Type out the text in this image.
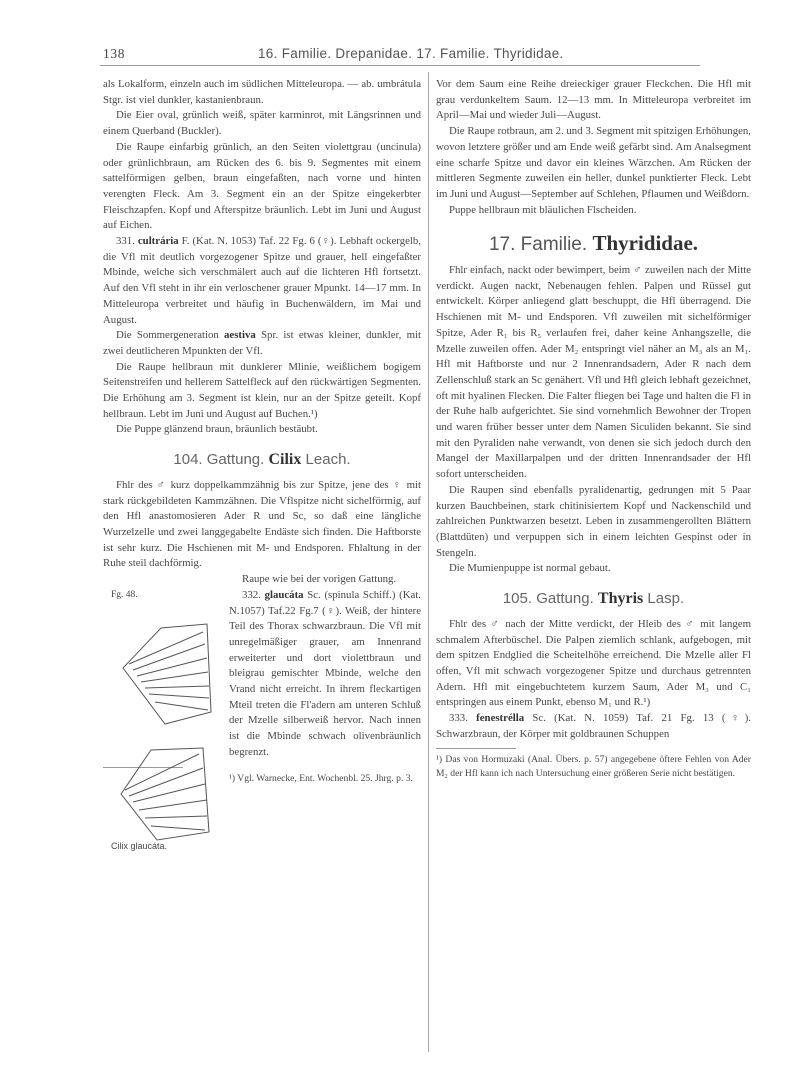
138	16. Familie. Drepanidae. 17. Familie. Thyrididae.

als Lokalform, einzeln auch im südlichen Mitteleuropa. — ab. umbrátula Stgr. ist viel dunkler, kastanienbraun.

Die Eier oval, grünlich weiß, später karminrot, mit Längsrinnen und einem Querband (Buckler).

Die Raupe einfarbig grünlich, an den Seiten violettgrau (uncinula) oder grünlichbraun, am Rücken des 6. bis 9. Segmentes mit einem sattelförmigen gelben, braun eingefaßten, nach vorne und hinten verengten Fleck. Am 3. Segment ein an der Spitze eingekerbter Fleischzapfen. Kopf und Afterspitze bräunlich. Lebt im Juni und August auf Eichen.

331. cultrária F. (Kat. N. 1053) Taf. 22 Fg. 6 (♀). Lebhaft ockergelb, die Vfl mit deutlich vorgezogener Spitze und grauer, hell eingefaßter Mbinde, welche sich verschmälert auch auf die lichteren Hfl fortsetzt. Auf den Vfl steht in ihr ein verloschener grauer Mpunkt. 14—17 mm. In Mitteleuropa verbreitet und häufig in Buchenwäldern, im Mai und August.

Die Sommergeneration aestiva Spr. ist etwas kleiner, dunkler, mit zwei deutlicheren Mpunkten der Vfl.

Die Raupe hellbraun mit dunklerer Mlinie, weißlichem bogigem Seitenstreifen und hellerem Sattelfleck auf den rückwärtigen Segmenten. Die Erhöhung am 3. Segment ist klein, nur an der Spitze geteilt. Kopf hellbraun. Lebt im Juni und August auf Buchen.¹)

Die Puppe glänzend braun, bräunlich bestäubt.

104. Gattung. Cilix Leach.

Fhlr des ♂ kurz doppelkammzähnig bis zur Spitze, jene des ♀ mit stark rückgebildeten Kammzähnen. Die Vflspitze nicht sichelförmig, auf den Hfl anastomosieren Ader R und Sc, so daß eine längliche Wurzelzelle und zwei langgegabelte Endäste sich finden. Die Haftborste ist sehr kurz. Die Hschienen mit M- und Endsporen. Fhlaltung in der Ruhe steil dachförmig.

Fg. 48.
Cilix glaucáta.

Raupe wie bei der vorigen Gattung.

332. glaucáta Sc. (spinula Schiff.) (Kat. N.1057) Taf.22 Fg.7 (♀). Weiß, der hintere Teil des Thorax schwarzbraun. Die Vfl mit unregelmäßiger grauer, am Innenrand erweiterter und dort violettbraun und bleigrau gemischter Mbinde, welche den Vrand nicht erreicht. In ihrem fleckartigen Mteil treten die Fl'adern am unteren Schluß der Mzelle silberweiß hervor. Nach innen ist die Mbinde schwach olivenbräunlich begrenzt.

¹) Vgl. Warnecke, Ent. Wochenbl. 25. Jhrg. p. 3.

Vor dem Saum eine Reihe dreieckiger grauer Fleckchen. Die Hfl mit grau verdunkeltem Saum. 12—13 mm. In Mitteleuropa verbreitet im April—Mai und wieder Juli—August.

Die Raupe rotbraun, am 2. und 3. Segment mit spitzigen Erhöhungen, wovon letztere größer und am Ende weiß gefärbt sind. Am Analsegment eine scharfe Spitze und davor ein kleines Wärzchen. Am Rücken der mittleren Segmente zuweilen ein heller, dunkel punktierter Fleck. Lebt im Juni und August—September auf Schlehen, Pflaumen und Weißdorn.

Puppe hellbraun mit bläulichen Flscheiden.

17. Familie. Thyrididae.

Fhlr einfach, nackt oder bewimpert, beim ♂ zuweilen nach der Mitte verdickt. Augen nackt, Nebenaugen fehlen. Palpen und Rüssel gut entwickelt. Körper anliegend glatt beschuppt, die Hfl überragend. Die Hschienen mit M- und Endsporen. Vfl zuweilen mit sichelförmiger Spitze, Ader R₁ bis R₅ verlaufen frei, daher keine Anhangszelle, die Mzelle zuweilen offen. Ader M₂ entspringt viel näher an M₃ als an M₁. Hfl mit Haftborste und nur 2 Innenrandsadern, Ader R nach dem Zellenschluß stark an Sc genähert. Vfl und Hfl gleich lebhaft gezeichnet, oft mit hyalinen Flecken. Die Falter fliegen bei Tage und halten die Fl in der Ruhe halb aufgerichtet. Sie sind vornehmlich Bewohner der Tropen und waren früher besser unter dem Namen Siculiden bekannt. Sie sind mit den Pyraliden nahe verwandt, von denen sie sich jedoch durch den Mangel der Maxillarpalpen und der dritten Innenrandsader der Hfl sofort unterscheiden.

Die Raupen sind ebenfalls pyralidenartig, gedrungen mit 5 Paar kurzen Bauchbeinen, stark chitinisiertem Kopf und Nackenschild und zahlreichen Punktwarzen besetzt. Leben in zusammengerollten Blättern (Blattdüten) und verpuppen sich in einem leichten Gespinst oder in Stengeln.

Die Mumienpuppe ist normal gebaut.

105. Gattung. Thyris Lasp.

Fhlr des ♂ nach der Mitte verdickt, der Hleib des ♂ mit langem schmalem Afterbüschel. Die Palpen ziemlich schlank, aufgebogen, mit dem spitzen Endglied die Scheitelhöhe erreichend. Die Mzelle aller Fl offen, Vfl mit schwach vorgezogener Spitze und durchaus getrennten Adern. Hfl mit eingebuchtetem kurzem Saum, Ader M₃ und C₁ entspringen aus einem Punkt, ebenso M₁ und R.¹)

333. fenestrélla Sc. (Kat. N. 1059) Taf. 21 Fg. 13 (♀). Schwarzbraun, der Körper mit goldbraunen Schuppen

¹) Das von Hormuzaki (Anal. Übers. p. 57) angegebene öftere Fehlen von Ader M₂ der Hfl kann ich nach Untersuchung einer größeren Serie nicht bestätigen.
